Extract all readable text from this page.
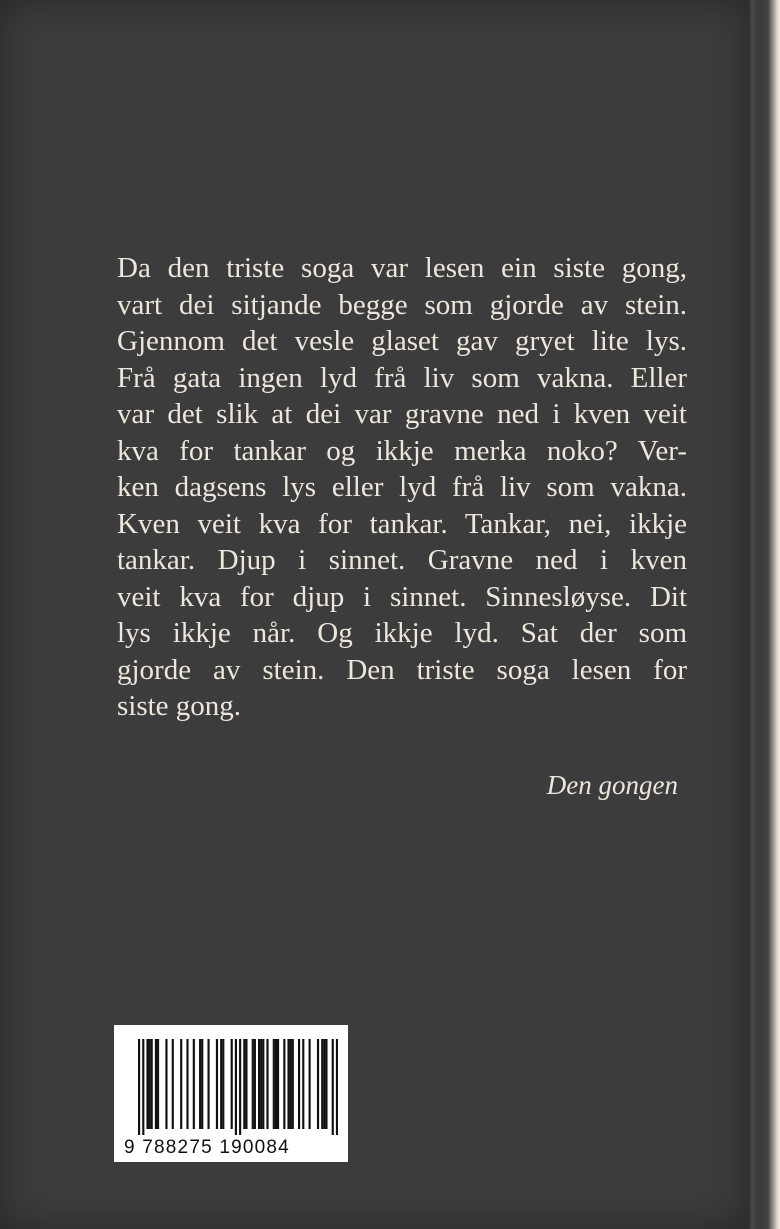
Da den triste soga var lesen ein siste gong,
vart dei sitjande begge som gjorde av stein.
Gjennom det vesle glaset gav gryet lite lys.
Frå gata ingen lyd frå liv som vakna. Eller
var det slik at dei var gravne ned i kven veit
kva for tankar og ikkje merka noko? Ver-
ken dagsens lys eller lyd frå liv som vakna.
Kven veit kva for tankar. Tankar, nei, ikkje
tankar. Djup i sinnet. Gravne ned i kven
veit kva for djup i sinnet. Sinnesløyse. Dit
lys ikkje når. Og ikkje lyd. Sat der som
gjorde av stein. Den triste soga lesen for
siste gong.
Den gongen
9 788275 190084
